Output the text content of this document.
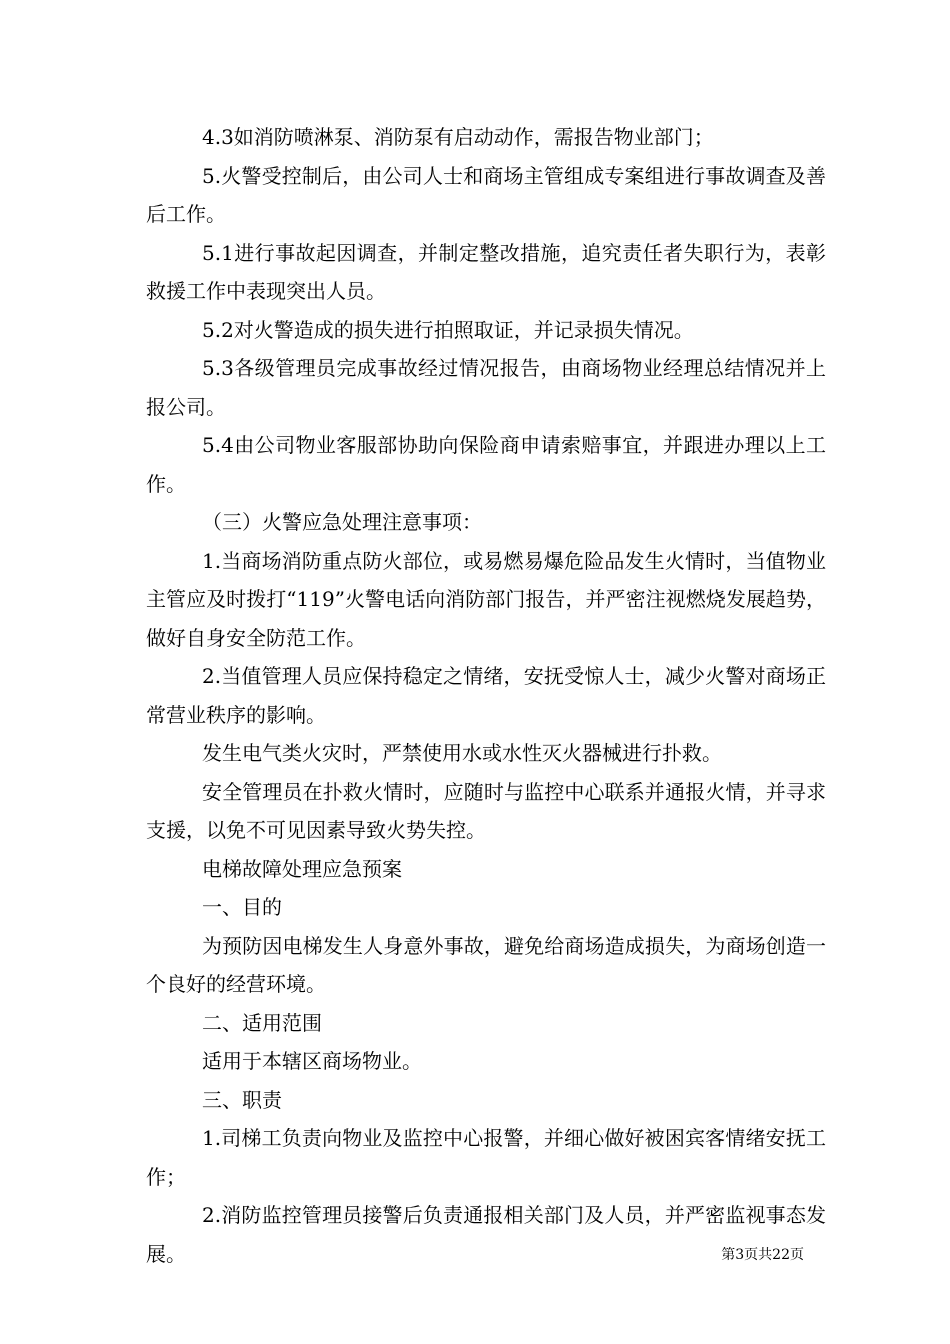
4.3如消防喷淋泵、消防泵有启动动作，需报告物业部门；

5.火警受控制后，由公司人士和商场主管组成专案组进行事故调查及善后工作。

5.1进行事故起因调查，并制定整改措施，追究责任者失职行为，表彰救援工作中表现突出人员。

5.2对火警造成的损失进行拍照取证，并记录损失情况。

5.3各级管理员完成事故经过情况报告，由商场物业经理总结情况并上报公司。

5.4由公司物业客服部协助向保险商申请索赔事宜，并跟进办理以上工作。

（三）火警应急处理注意事项：

1.当商场消防重点防火部位，或易燃易爆危险品发生火情时，当值物业主管应及时拨打“119”火警电话向消防部门报告，并严密注视燃烧发展趋势，做好自身安全防范工作。

2.当值管理人员应保持稳定之情绪，安抚受惊人士，减少火警对商场正常营业秩序的影响。

发生电气类火灾时，严禁使用水或水性灭火器械进行扑救。

安全管理员在扑救火情时，应随时与监控中心联系并通报火情，并寻求支援，以免不可见因素导致火势失控。

电梯故障处理应急预案

一、目的

为预防因电梯发生人身意外事故，避免给商场造成损失，为商场创造一个良好的经营环境。

二、适用范围

适用于本辖区商场物业。

三、职责

1.司梯工负责向物业及监控中心报警，并细心做好被困宾客情绪安抚工作；

2.消防监控管理员接警后负责通报相关部门及人员，并严密监视事态发展。	第3页共22页
